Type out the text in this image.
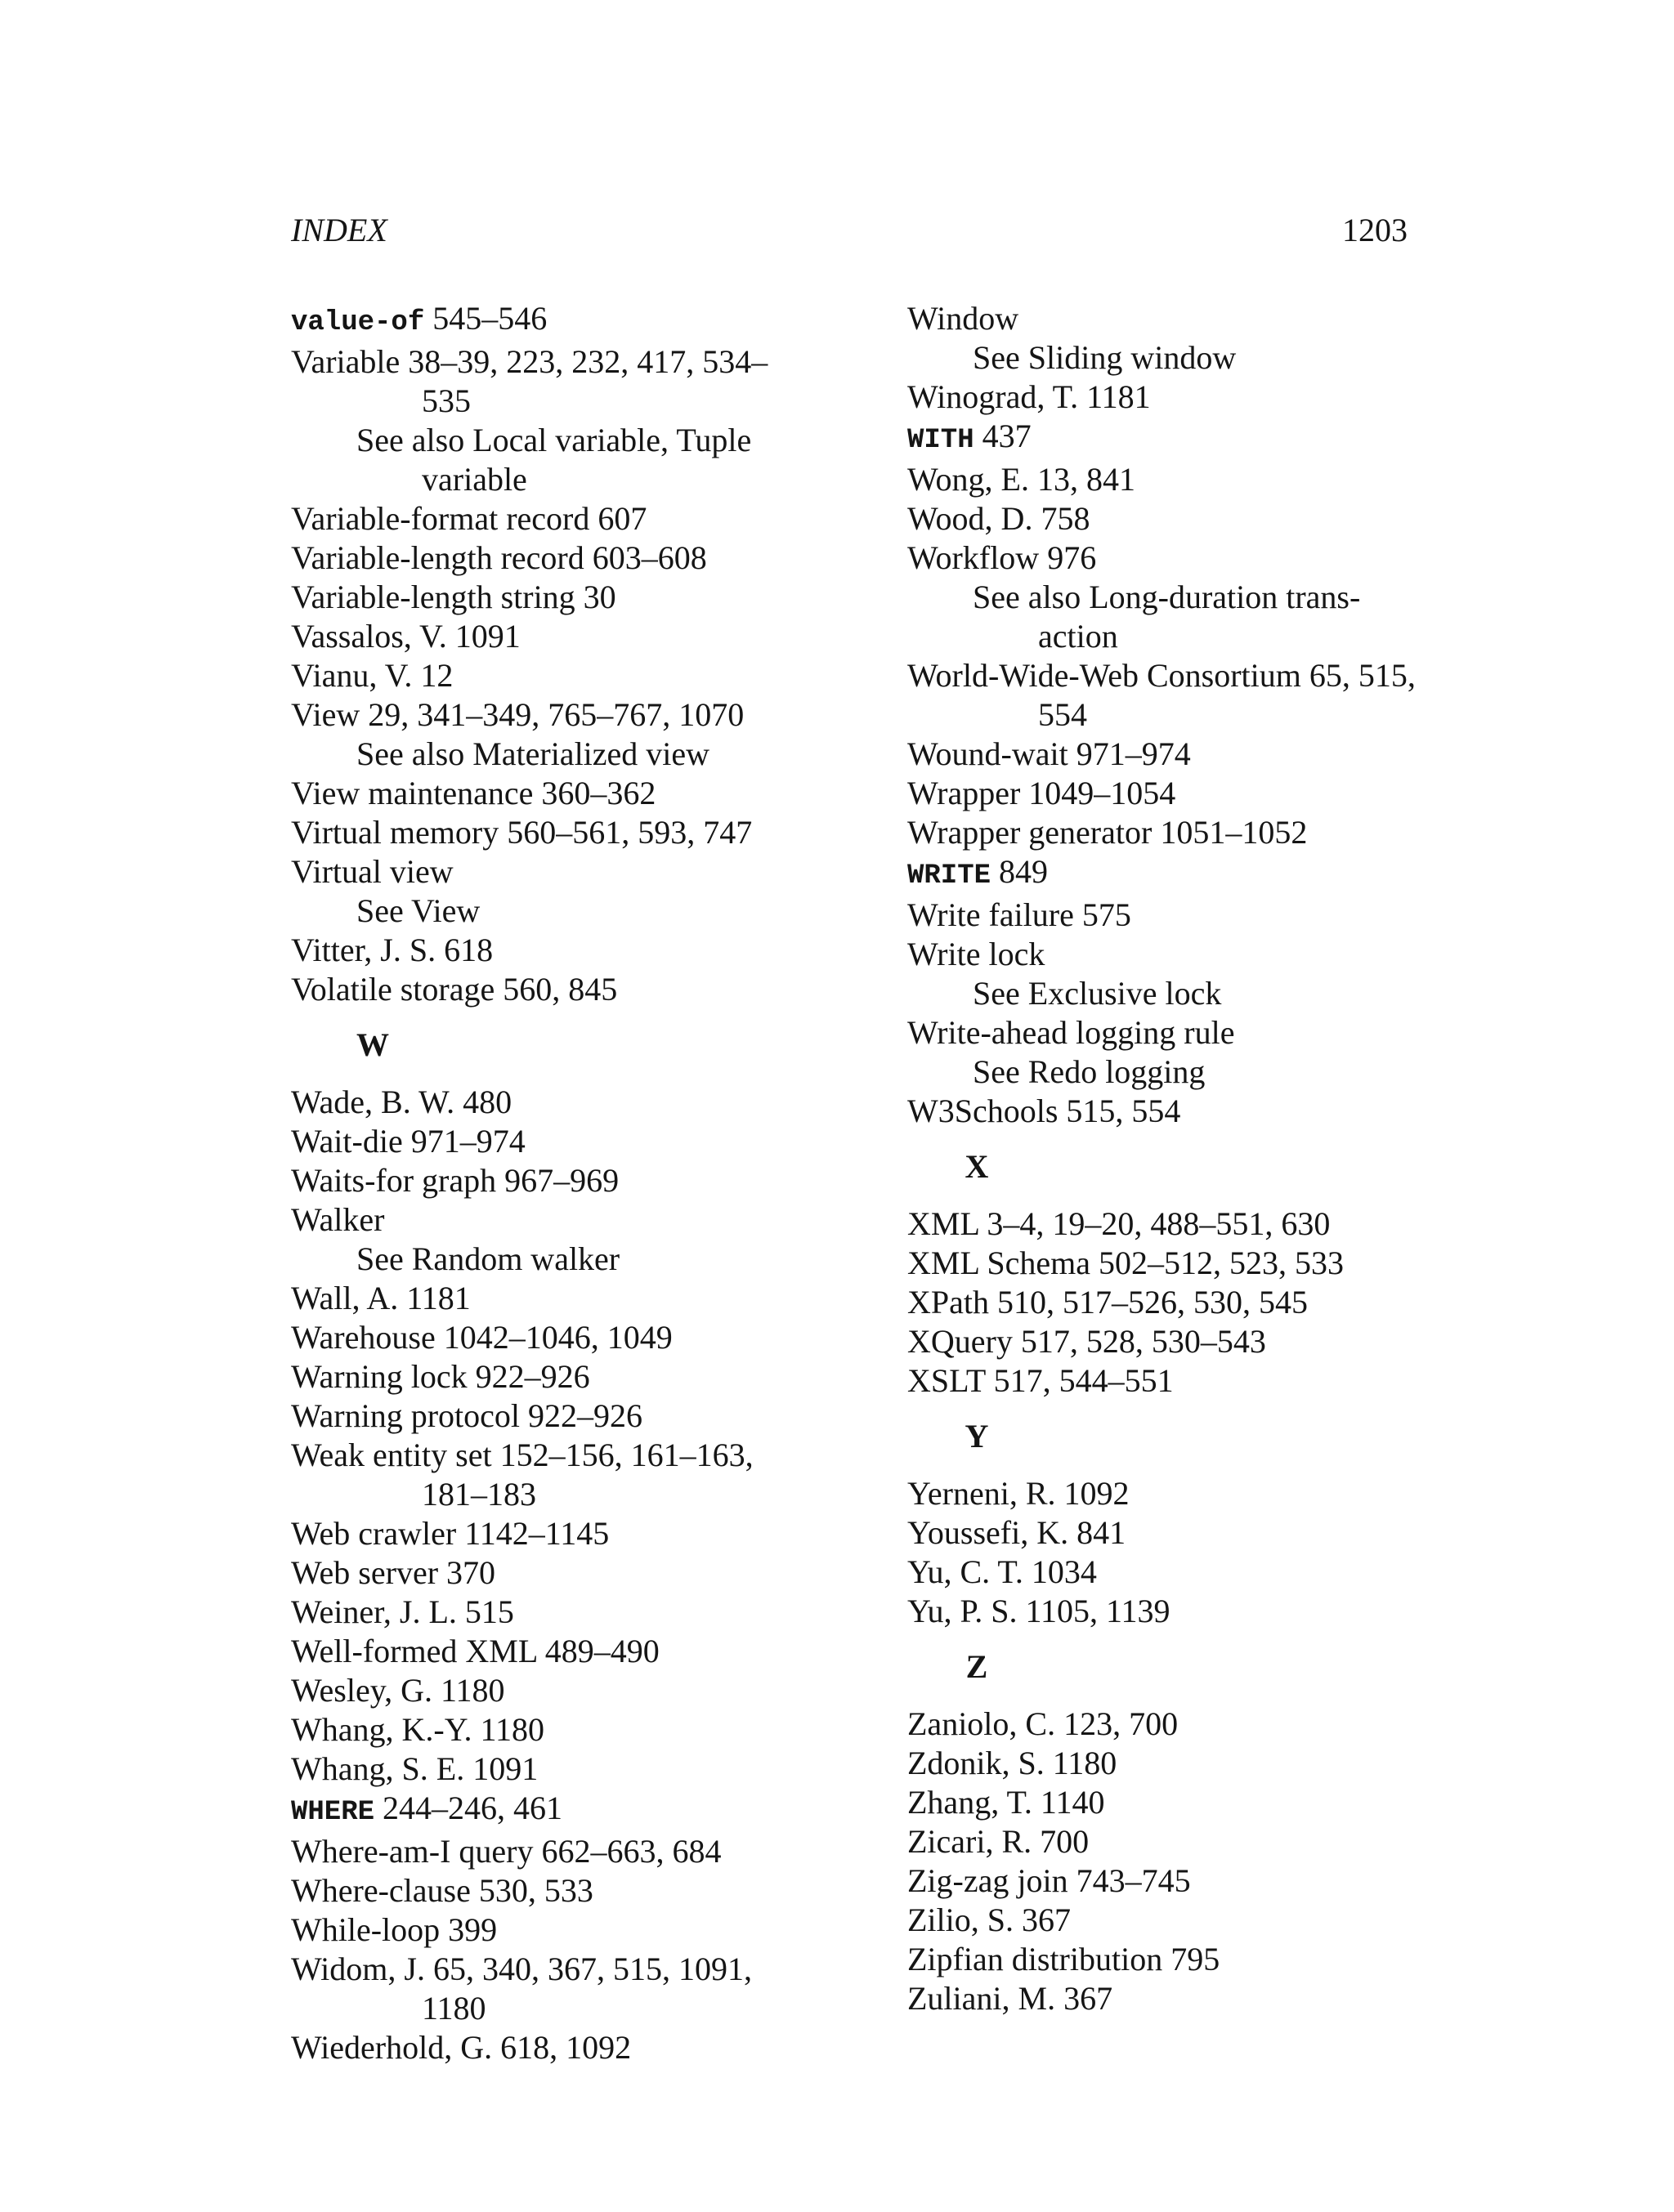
INDEX	1203
value-of 545–546
Variable 38–39, 223, 232, 417, 534–
535
See also Local variable, Tuple
variable
Variable-format record 607
Variable-length record 603–608
Variable-length string 30
Vassalos, V. 1091
Vianu, V. 12
View 29, 341–349, 765–767, 1070
See also Materialized view
View maintenance 360–362
Virtual memory 560–561, 593, 747
Virtual view
See View
Vitter, J. S. 618
Volatile storage 560, 845
W
Wade, B. W. 480
Wait-die 971–974
Waits-for graph 967–969
Walker
See Random walker
Wall, A. 1181
Warehouse 1042–1046, 1049
Warning lock 922–926
Warning protocol 922–926
Weak entity set 152–156, 161–163,
181–183
Web crawler 1142–1145
Web server 370
Weiner, J. L. 515
Well-formed XML 489–490
Wesley, G. 1180
Whang, K.-Y. 1180
Whang, S. E. 1091
WHERE 244–246, 461
Where-am-I query 662–663, 684
Where-clause 530, 533
While-loop 399
Widom, J. 65, 340, 367, 515, 1091,
1180
Wiederhold, G. 618, 1092
Window
See Sliding window
Winograd, T. 1181
WITH 437
Wong, E. 13, 841
Wood, D. 758
Workflow 976
See also Long-duration trans-
action
World-Wide-Web Consortium 65, 515,
554
Wound-wait 971–974
Wrapper 1049–1054
Wrapper generator 1051–1052
WRITE 849
Write failure 575
Write lock
See Exclusive lock
Write-ahead logging rule
See Redo logging
W3Schools 515, 554
X
XML 3–4, 19–20, 488–551, 630
XML Schema 502–512, 523, 533
XPath 510, 517–526, 530, 545
XQuery 517, 528, 530–543
XSLT 517, 544–551
Y
Yerneni, R. 1092
Youssefi, K. 841
Yu, C. T. 1034
Yu, P. S. 1105, 1139
Z
Zaniolo, C. 123, 700
Zdonik, S. 1180
Zhang, T. 1140
Zicari, R. 700
Zig-zag join 743–745
Zilio, S. 367
Zipfian distribution 795
Zuliani, M. 367
